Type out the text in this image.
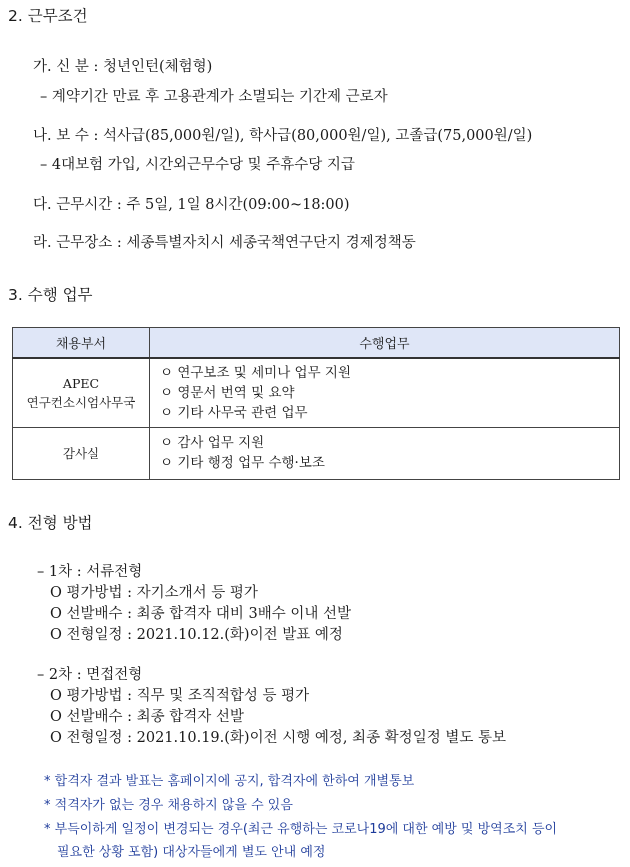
2. 근무조건
가. 신 분 : 청년인턴(체험형)
– 계약기간 만료 후 고용관계가 소멸되는 기간제 근로자
나. 보 수 : 석사급(85,000원/일), 학사급(80,000원/일), 고졸급(75,000원/일)
– 4대보험 가입, 시간외근무수당 및 주휴수당 지급
다. 근무시간 : 주 5일, 1일 8시간(09:00~18:00)
라. 근무장소 : 세종특별자치시 세종국책연구단지 경제정책동
3. 수행 업무
채용부서	수행업무

APEC
연구컨소시엄사무국	ㅇ 연구보조 및 세미나 업무 지원
ㅇ 영문서 번역 및 요약
ㅇ 기타 사무국 관련 업무

감사실	ㅇ 감사 업무 지원
ㅇ 기타 행정 업무 수행·보조
4. 전형 방법
– 1차 : 서류전형
O 평가방법 : 자기소개서 등 평가
O 선발배수 : 최종 합격자 대비 3배수 이내 선발
O 전형일정 : 2021.10.12.(화)이전 발표 예정
– 2차 : 면접전형
O 평가방법 : 직무 및 조직적합성 등 평가
O 선발배수 : 최종 합격자 선발
O 전형일정 : 2021.10.19.(화)이전 시행 예정, 최종 확정일정 별도 통보
* 합격자 결과 발표는 홈페이지에 공지, 합격자에 한하여 개별통보
* 적격자가 없는 경우 채용하지 않을 수 있음
* 부득이하게 일정이 변경되는 경우(최근 유행하는 코로나19에 대한 예방 및 방역조치 등이
필요한 상황 포함) 대상자들에게 별도 안내 예정
